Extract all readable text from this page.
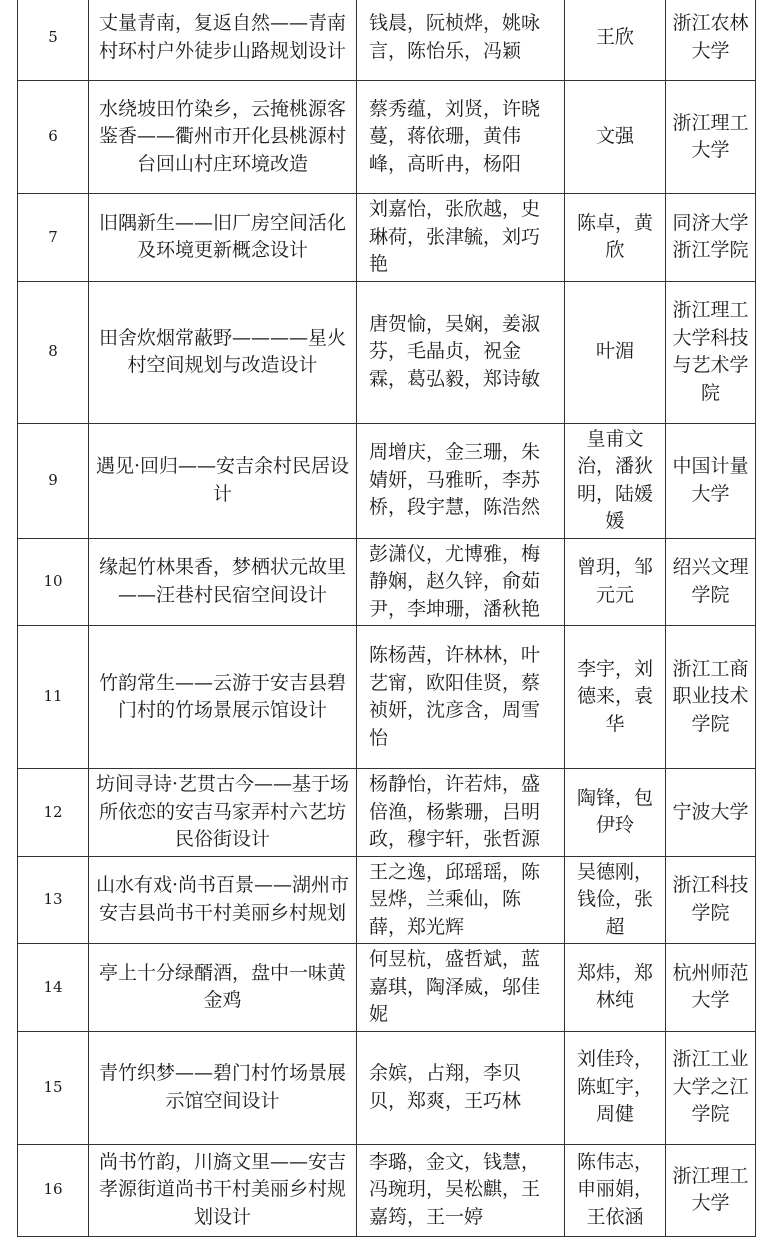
5	丈量青南，复返自然——青南村环村户外徒步山路规划设计	钱晨，阮桢烨，姚咏言，陈怡乐，冯颖	王欣	浙江农林大学
6	水绕坡田竹染乡，云掩桃源客鉴香——衢州市开化县桃源村台回山村庄环境改造	蔡秀蕴，刘贤，许晓蔓，蒋依珊，黄伟峰，高昕冉，杨阳	文强	浙江理工大学
7	旧隅新生——旧厂房空间活化及环境更新概念设计	刘嘉怡，张欣越，史琳荷，张津毓，刘巧艳	陈卓，黄欣	同济大学浙江学院
8	田舍炊烟常蔽野————星火村空间规划与改造设计	唐贺愉，吴娴，姜淑芬，毛晶贞，祝金霖，葛弘毅，郑诗敏	叶湄	浙江理工大学科技与艺术学院
9	遇见·回归——安吉余村民居设计	周增庆，金三珊，朱婧妍，马雅昕，李苏桥，段宇慧，陈浩然	皇甫文治，潘狄明，陆媛媛	中国计量大学
10	缘起竹林果香，梦栖状元故里——汪巷村民宿空间设计	彭潇仪，尤博雅，梅静娴，赵久锌，俞茹尹，李坤珊，潘秋艳	曾玥，邹元元	绍兴文理学院
11	竹韵常生——云游于安吉县碧门村的竹场景展示馆设计	陈杨茜，许林林，叶艺甯，欧阳佳贤，蔡祯妍，沈彦含，周雪怡	李宇，刘德来，袁华	浙江工商职业技术学院
12	坊间寻诗·艺贯古今——基于场所依恋的安吉马家弄村六艺坊民俗街设计	杨静怡，许若炜，盛倍渔，杨紫珊，吕明政，穆宇轩，张哲源	陶锋，包伊玲	宁波大学
13	山水有戏·尚书百景——湖州市安吉县尚书干村美丽乡村规划	王之逸，邱瑶瑶，陈昱烨，兰乘仙，陈薛，郑光辉	吴德刚，钱俭，张超	浙江科技学院
14	亭上十分绿醑酒，盘中一味黄金鸡	何昱杭，盛哲斌，蓝嘉琪，陶泽威，邬佳妮	郑炜，郑林纯	杭州师范大学
15	青竹织梦——碧门村竹场景展示馆空间设计	余嫔，占翔，李贝贝，郑爽，王巧林	刘佳玲，陈虹宇，周健	浙江工业大学之江学院
16	尚书竹韵，川旖文里——安吉孝源街道尚书干村美丽乡村规划设计	李璐，金文，钱慧，冯琬玥，吴松麒，王嘉筠，王一婷	陈伟志，申丽娟，王依涵	浙江理工大学
